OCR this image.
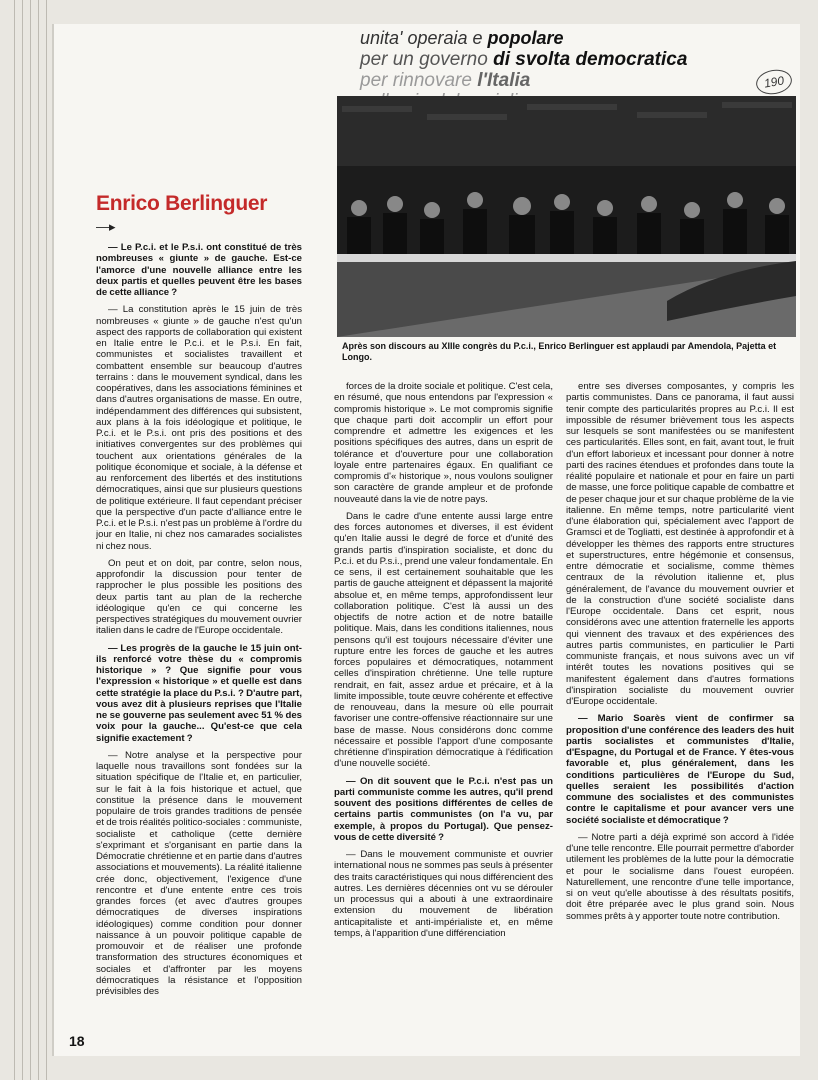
unita' operaia e popolare
per un governo di svolta democratica
per rinnovare l'Italia	190
Après son discours au XIIIe congrès du P.c.i., Enrico Berlinguer est applaudi par Amendola, Pajetta et Longo.
Enrico Berlinguer
—▸

— Le P.c.i. et le P.s.i. ont constitué de très nombreuses « giunte » de gauche. Est-ce l'amorce d'une nouvelle alliance entre les deux partis et quelles peuvent être les bases de cette alliance ?

— La constitution après le 15 juin de très nombreuses « giunte » de gauche n'est qu'un aspect des rapports de collaboration qui existent en Italie entre le P.c.i. et le P.s.i. En fait, communistes et socialistes travaillent et combattent ensemble sur beaucoup d'autres terrains : dans le mouvement syndical, dans les coopératives, dans les associations féminines et dans d'autres organisations de masse. En outre, indépendamment des différences qui subsistent, aux plans à la fois idéologique et politique, le P.c.i. et le P.s.i. ont pris des positions et des initiatives convergentes sur des problèmes qui touchent aux orientations générales de la politique économique et sociale, à la défense et au renforcement des libertés et des institutions démocratiques, ainsi que sur plusieurs questions de politique extérieure. Il faut cependant préciser que la perspective d'un pacte d'alliance entre le P.c.i. et le P.s.i. n'est pas un problème à l'ordre du jour en Italie, ni chez nos camarades socialistes ni chez nous.

On peut et on doit, par contre, selon nous, approfondir la discussion pour tenter de rapprocher le plus possible les positions des deux partis tant au plan de la recherche idéologique qu'en ce qui concerne les perspectives stratégiques du mouvement ouvrier italien dans le cadre de l'Europe occidentale.

— Les progrès de la gauche le 15 juin ont-ils renforcé votre thèse du « compromis historique » ? Que signifie pour vous l'expression « historique » et quelle est dans cette stratégie la place du P.s.i. ? D'autre part, vous avez dit à plusieurs reprises que l'Italie ne se gouverne pas seulement avec 51 % des voix pour la gauche... Qu'est-ce que cela signifie exactement ?

— Notre analyse et la perspective pour laquelle nous travaillons sont fondées sur la situation spécifique de l'Italie et, en particulier, sur le fait à la fois historique et actuel, que constitue la présence dans le mouvement populaire de trois grandes traditions de pensée et de trois réalités politico-sociales : communiste, socialiste et catholique (cette dernière s'exprimant et s'organisant en partie dans la Démocratie chrétienne et en partie dans d'autres associations et mouvements). La réalité italienne crée donc, objectivement, l'exigence d'une rencontre et d'une entente entre ces trois grandes forces (et avec d'autres groupes démocratiques de diverses inspirations idéologiques) comme condition pour donner naissance à un pouvoir politique capable de promouvoir et de réaliser une profonde transformation des structures économiques et sociales et d'affronter par les moyens démocratiques la résistance et l'opposition prévisibles des

forces de la droite sociale et politique. C'est cela, en résumé, que nous entendons par l'expression « compromis historique ». Le mot compromis signifie que chaque parti doit accomplir un effort pour comprendre et admettre les exigences et les positions spécifiques des autres, dans un esprit de tolérance et d'ouverture pour une collaboration loyale entre partenaires égaux. En qualifiant ce compromis d'« historique », nous voulons souligner son caractère de grande ampleur et de profonde nouveauté dans la vie de notre pays.

Dans le cadre d'une entente aussi large entre des forces autonomes et diverses, il est évident qu'en Italie aussi le degré de force et d'unité des grands partis d'inspiration socialiste, et donc du P.c.i. et du P.s.i., prend une valeur fondamentale. En ce sens, il est certainement souhaitable que les partis de gauche atteignent et dépassent la majorité absolue et, en même temps, approfondissent leur collaboration politique. C'est là aussi un des objectifs de notre action et de notre bataille politique. Mais, dans les conditions italiennes, nous pensons qu'il est toujours nécessaire d'éviter une rupture entre les forces de gauche et les autres forces populaires et démocratiques, notamment celles d'inspiration chrétienne. Une telle rupture rendrait, en fait, assez ardue et précaire, et à la limite impossible, toute œuvre cohérente et effective de renouveau, dans la mesure où elle pourrait favoriser une contre-offensive réactionnaire sur une base de masse. Nous considérons donc comme nécessaire et possible l'apport d'une composante chrétienne d'inspiration démocratique à l'édification d'une nouvelle société.

— On dit souvent que le P.c.i. n'est pas un parti communiste comme les autres, qu'il prend souvent des positions différentes de celles de certains partis communistes (on l'a vu, par exemple, à propos du Portugal). Que pensez-vous de cette diversité ?

— Dans le mouvement communiste et ouvrier international nous ne sommes pas seuls à présenter des traits caractéristiques qui nous différencient des autres. Les dernières décennies ont vu se dérouler un processus qui a abouti à une extraordinaire extension du mouvement de libération anticapitaliste et anti-impérialiste et, en même temps, à l'apparition d'une différenciation

entre ses diverses composantes, y compris les partis communistes. Dans ce panorama, il faut aussi tenir compte des particularités propres au P.c.i. Il est impossible de résumer brièvement tous les aspects sur lesquels se sont manifestées ou se manifestent ces particularités. Elles sont, en fait, avant tout, le fruit d'un effort laborieux et incessant pour donner à notre parti des racines étendues et profondes dans toute la réalité populaire et nationale et pour en faire un parti de masse, une force politique capable de combattre et de peser chaque jour et sur chaque problème de la vie italienne. En même temps, notre particularité vient d'une élaboration qui, spécialement avec l'apport de Gramsci et de Togliatti, est destinée à approfondir et à développer les thèmes des rapports entre structures et superstructures, entre hégémonie et consensus, entre démocratie et socialisme, comme thèmes centraux de la révolution italienne et, plus généralement, de l'avance du mouvement ouvrier et de la construction d'une société socialiste dans l'Europe occidentale. Dans cet esprit, nous considérons avec une attention fraternelle les apports qui viennent des travaux et des expériences des autres partis communistes, en particulier le Parti communiste français, et nous suivons avec un vif intérêt toutes les novations positives qui se manifestent également dans d'autres formations d'inspiration socialiste du mouvement ouvrier d'Europe occidentale.

— Mario Soarès vient de confirmer sa proposition d'une conférence des leaders des huit partis socialistes et communistes d'Italie, d'Espagne, du Portugal et de France. Y êtes-vous favorable et, plus généralement, dans les conditions particulières de l'Europe du Sud, quelles seraient les possibilités d'action commune des socialistes et des communistes contre le capitalisme et pour avancer vers une société socialiste et démocratique ?

— Notre parti a déjà exprimé son accord à l'idée d'une telle rencontre. Elle pourrait permettre d'aborder utilement les problèmes de la lutte pour la démocratie et pour le socialisme dans l'ouest européen. Naturellement, une rencontre d'une telle importance, si on veut qu'elle aboutisse à des résultats positifs, doit être préparée avec le plus grand soin. Nous sommes prêts à y apporter toute notre contribution.

18
